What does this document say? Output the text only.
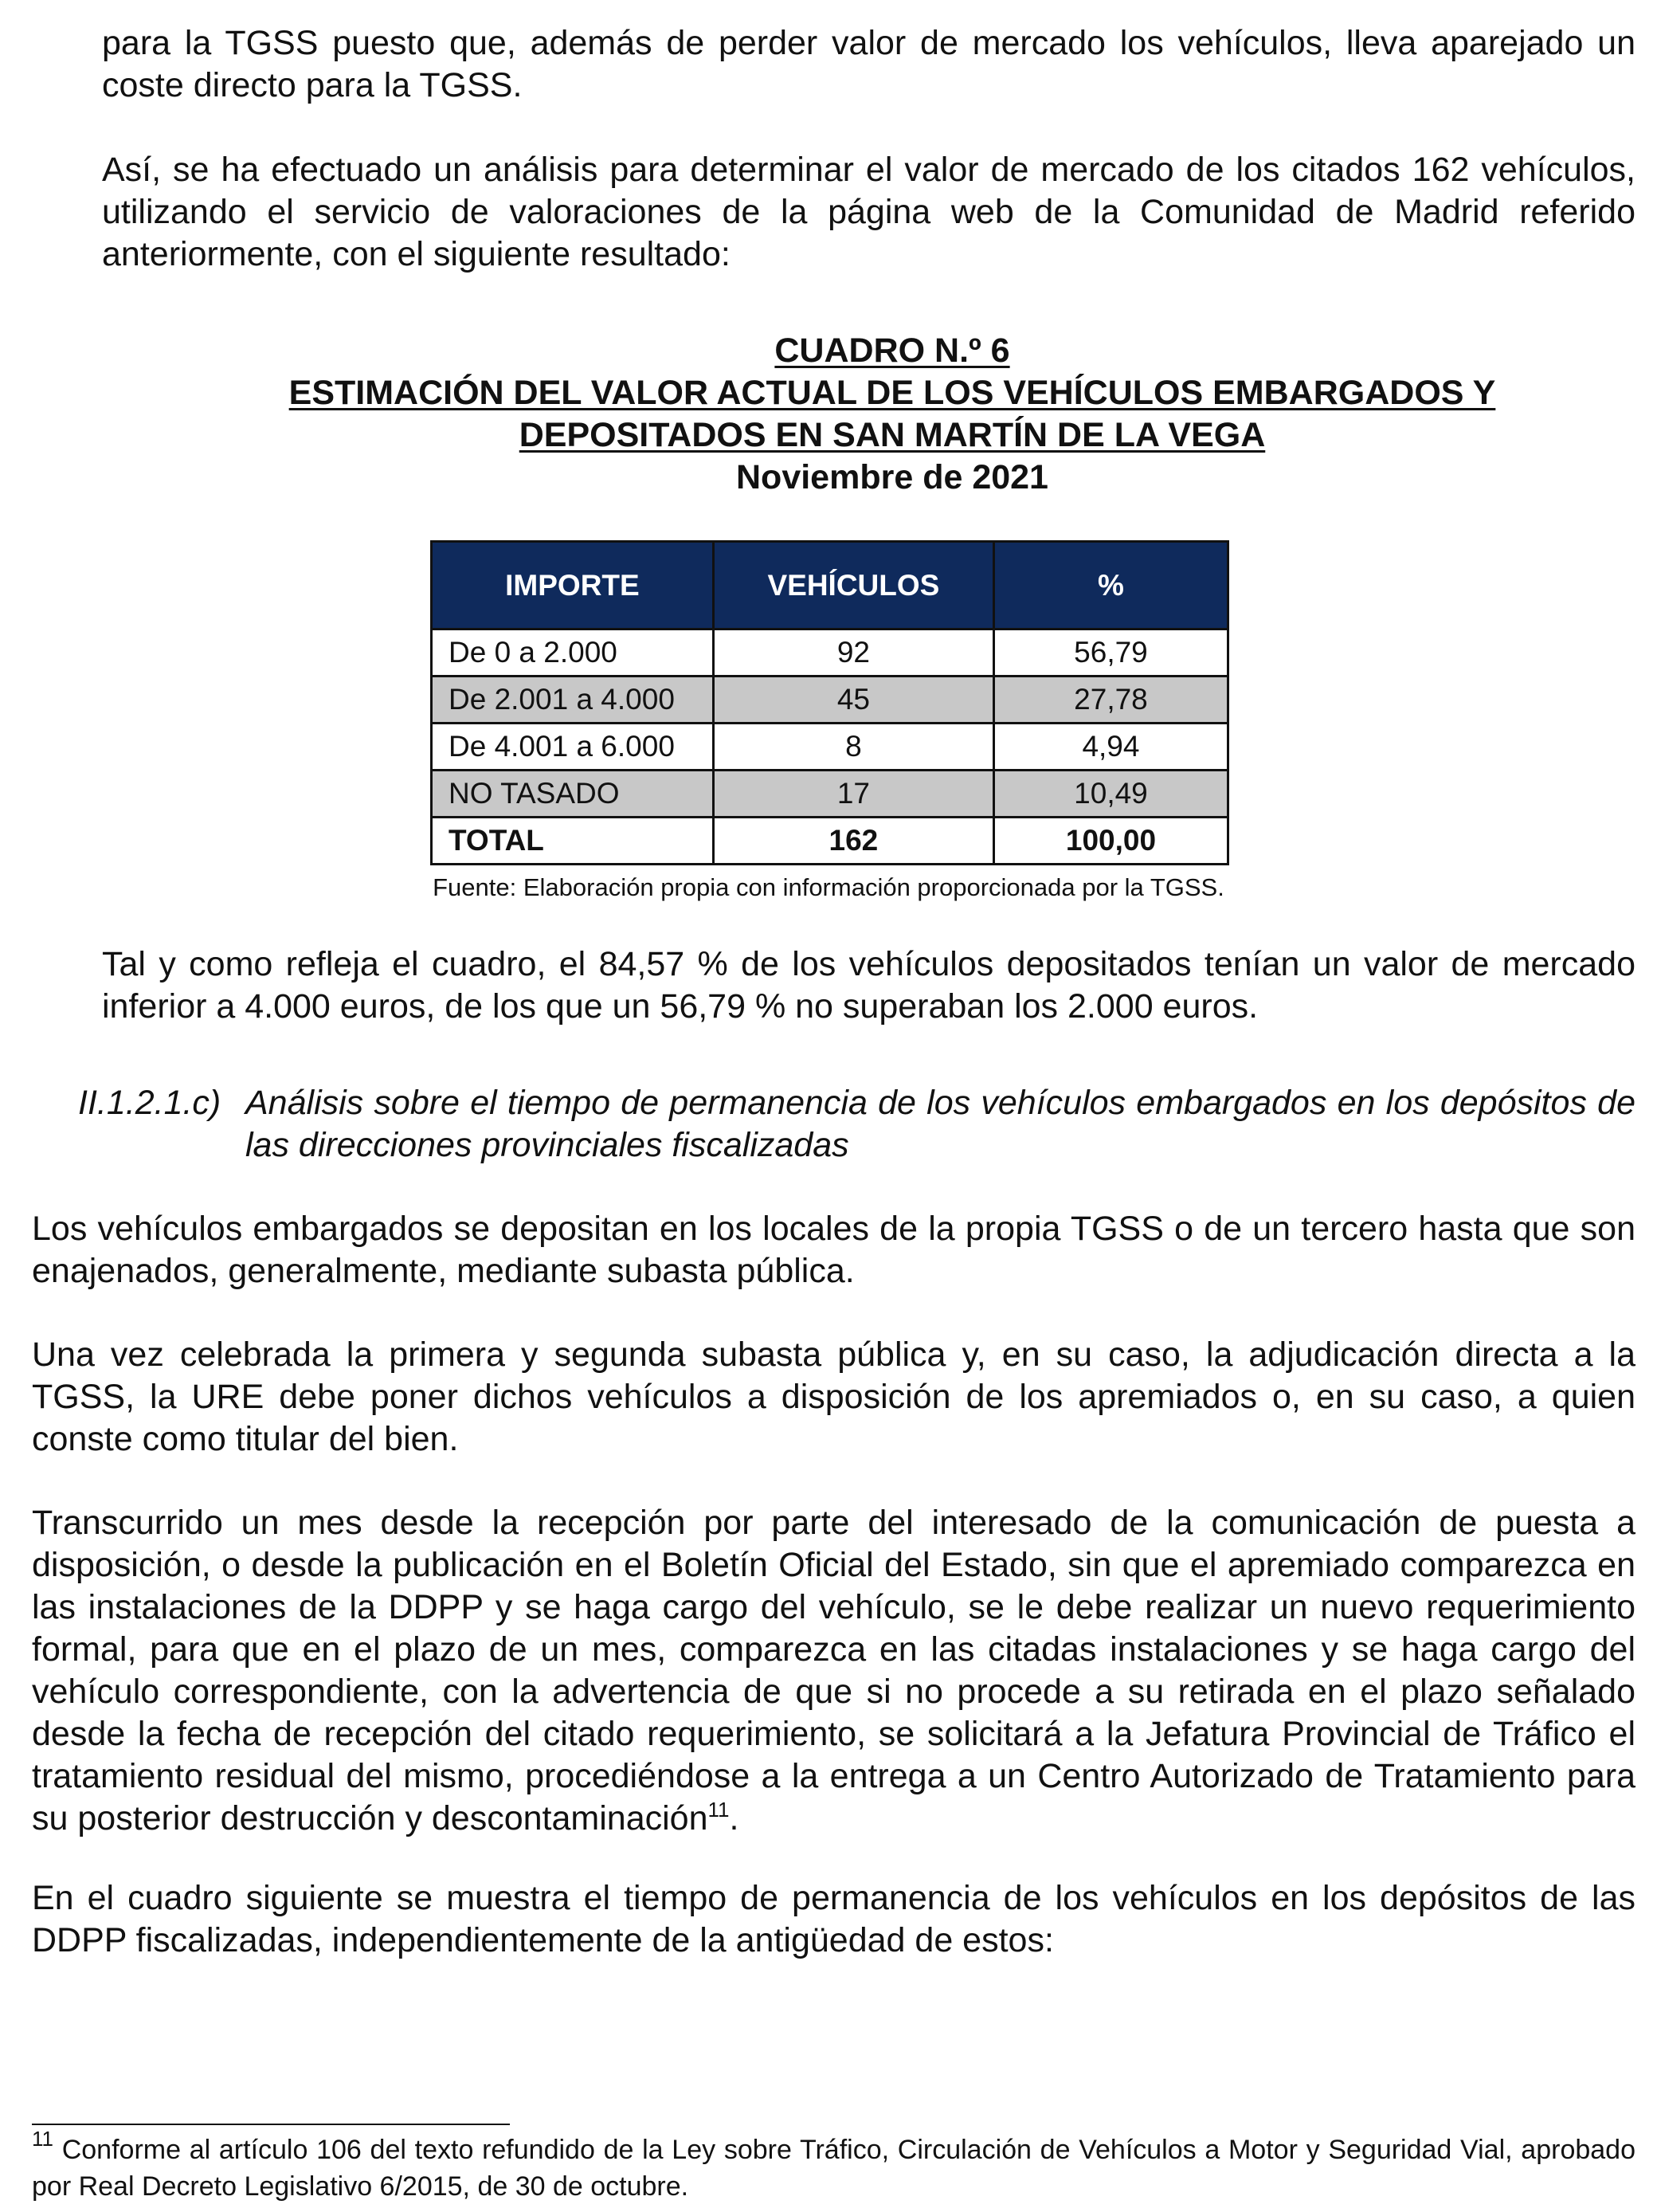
para la TGSS puesto que, además de perder valor de mercado los vehículos, lleva aparejado un coste directo para la TGSS.

Así, se ha efectuado un análisis para determinar el valor de mercado de los citados 162 vehículos, utilizando el servicio de valoraciones de la página web de la Comunidad de Madrid referido anteriormente, con el siguiente resultado:

CUADRO N.º 6

ESTIMACIÓN DEL VALOR ACTUAL DE LOS VEHÍCULOS EMBARGADOS Y

DEPOSITADOS EN SAN MARTÍN DE LA VEGA

Noviembre de 2021

IMPORTE	VEHÍCULOS	%
De 0 a 2.000	92	56,79
De 2.001 a 4.000	45	27,78
De 4.001 a 6.000	8	4,94
NO TASADO	17	10,49
TOTAL	162	100,00

Fuente: Elaboración propia con información proporcionada por la TGSS.

Tal y como refleja el cuadro, el 84,57 % de los vehículos depositados tenían un valor de mercado inferior a 4.000 euros, de los que un 56,79 % no superaban los 2.000 euros.

II.1.2.1.c) Análisis sobre el tiempo de permanencia de los vehículos embargados en los depósitos de las direcciones provinciales fiscalizadas

Los vehículos embargados se depositan en los locales de la propia TGSS o de un tercero hasta que son enajenados, generalmente, mediante subasta pública.

Una vez celebrada la primera y segunda subasta pública y, en su caso, la adjudicación directa a la TGSS, la URE debe poner dichos vehículos a disposición de los apremiados o, en su caso, a quien conste como titular del bien.

Transcurrido un mes desde la recepción por parte del interesado de la comunicación de puesta a disposición, o desde la publicación en el Boletín Oficial del Estado, sin que el apremiado comparezca en las instalaciones de la DDPP y se haga cargo del vehículo, se le debe realizar un nuevo requerimiento formal, para que en el plazo de un mes, comparezca en las citadas instalaciones y se haga cargo del vehículo correspondiente, con la advertencia de que si no procede a su retirada en el plazo señalado desde la fecha de recepción del citado requerimiento, se solicitará a la Jefatura Provincial de Tráfico el tratamiento residual del mismo, procediéndose a la entrega a un Centro Autorizado de Tratamiento para su posterior destrucción y descontaminación$^{11}$.

En el cuadro siguiente se muestra el tiempo de permanencia de los vehículos en los depósitos de las DDPP fiscalizadas, independientemente de la antigüedad de estos:

$^{11}$ Conforme al artículo 106 del texto refundido de la Ley sobre Tráfico, Circulación de Vehículos a Motor y Seguridad Vial, aprobado por Real Decreto Legislativo 6/2015, de 30 de octubre.
